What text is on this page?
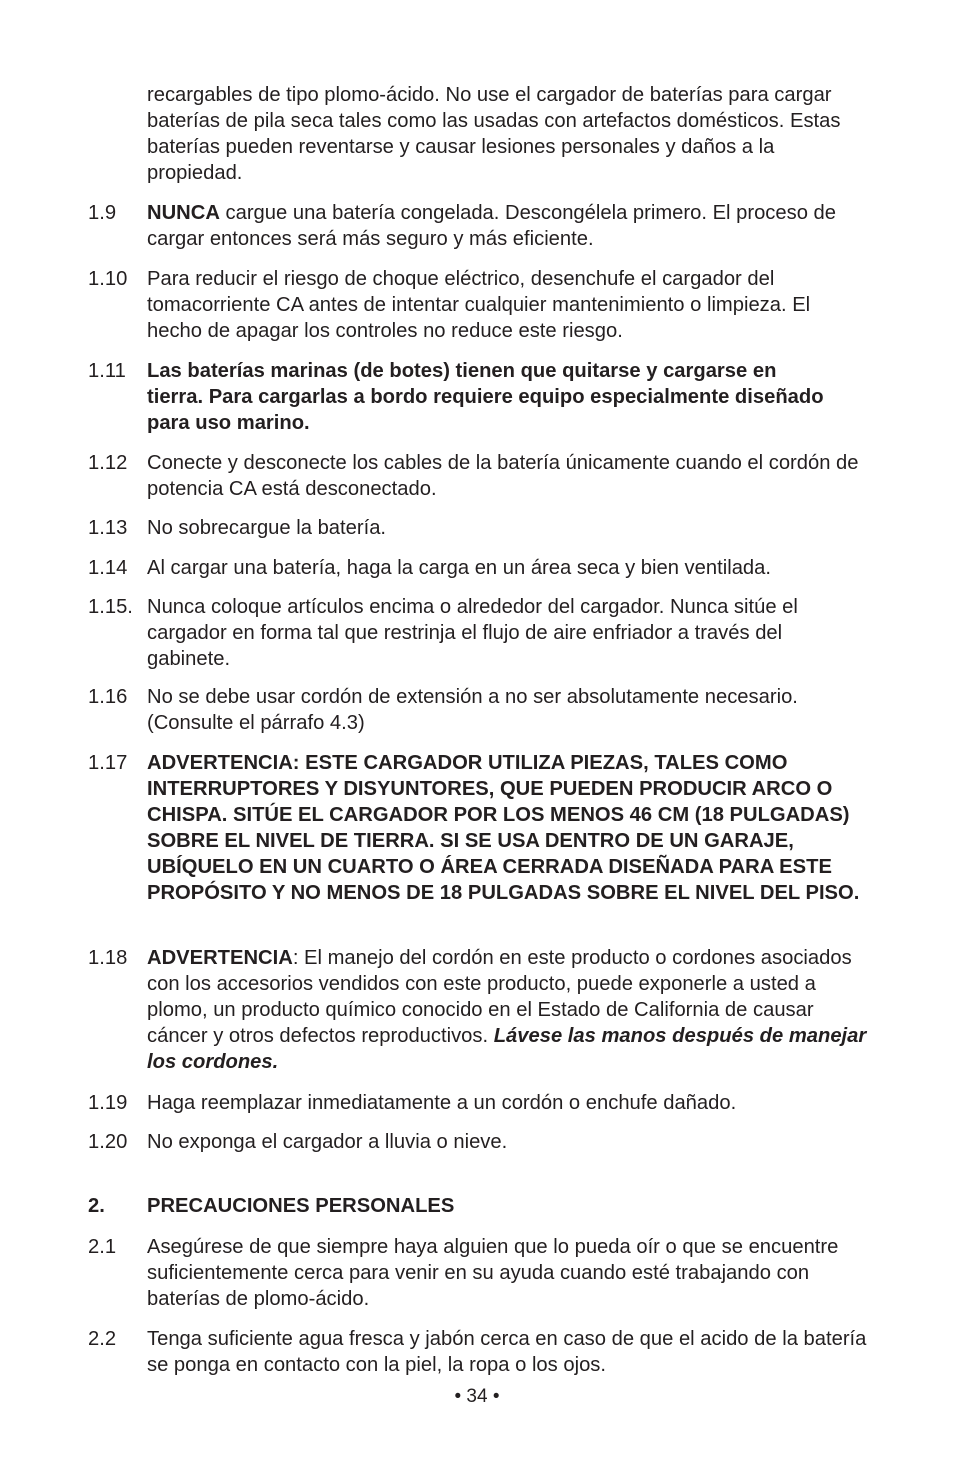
recargables de tipo plomo-ácido. No use el cargador de baterías para cargar baterías de pila seca tales como las usadas con artefactos domésticos. Estas baterías pueden reventarse y causar lesiones personales y daños a la propiedad.

1.9	NUNCA cargue una batería congelada. Descongélela primero. El proceso de cargar entonces será más seguro y más eficiente.
1.10 Para reducir el riesgo de choque eléctrico, desenchufe el cargador del tomacorriente CA antes de intentar cualquier mantenimiento o limpieza. El hecho de apagar los controles no reduce este riesgo.
1.11	Las baterías marinas (de botes) tienen que quitarse y cargarse en tierra. Para cargarlas a bordo requiere equipo especialmente diseñado para uso marino.
1.12 Conecte y desconecte los cables de la batería únicamente cuando el cordón de potencia CA está desconectado.
1.13 No sobrecargue la batería.
1.14 Al cargar una batería, haga la carga en un área seca y bien ventilada.
1.15. Nunca coloque artículos encima o alrededor del cargador. Nunca sitúe el cargador en forma tal que restrinja el flujo de aire enfriador a través del gabinete.
1.16 No se debe usar cordón de extensión a no ser absolutamente necesario. (Consulte el párrafo 4.3)
1.17 ADVERTENCIA: ESTE CARGADOR UTILIZA PIEZAS, TALES COMO INTERRUPTORES Y DISYUNTORES, QUE PUEDEN PRODUCIR ARCO O CHISPA. SITÚE EL CARGADOR POR LOS MENOS 46 CM (18 PULGADAS) SOBRE EL NIVEL DE TIERRA. SI SE USA DENTRO DE UN GARAJE, UBÍQUELO EN UN CUARTO O ÁREA CERRADA DISEÑADA PARA ESTE PROPÓSITO Y NO MENOS DE 18 PULGADAS SOBRE EL NIVEL DEL PISO.
1.18 ADVERTENCIA: El manejo del cordón en este producto o cordones asociados con los accesorios vendidos con este producto, puede exponerle a usted a plomo, un producto químico conocido en el Estado de California de causar cáncer y otros defectos reproductivos. Lávese las manos después de manejar los cordones.
1.19 Haga reemplazar inmediatamente a un cordón o enchufe dañado.
1.20 No exponga el cargador a lluvia o nieve.
2.	PRECAUCIONES PERSONALES
2.1	Asegúrese de que siempre haya alguien que lo pueda oír o que se encuentre suficientemente cerca para venir en su ayuda cuando esté trabajando con baterías de plomo-ácido.
2.2	Tenga suficiente agua fresca y jabón cerca en caso de que el acido de la batería se ponga en contacto con la piel, la ropa o los ojos.
• 34 •
